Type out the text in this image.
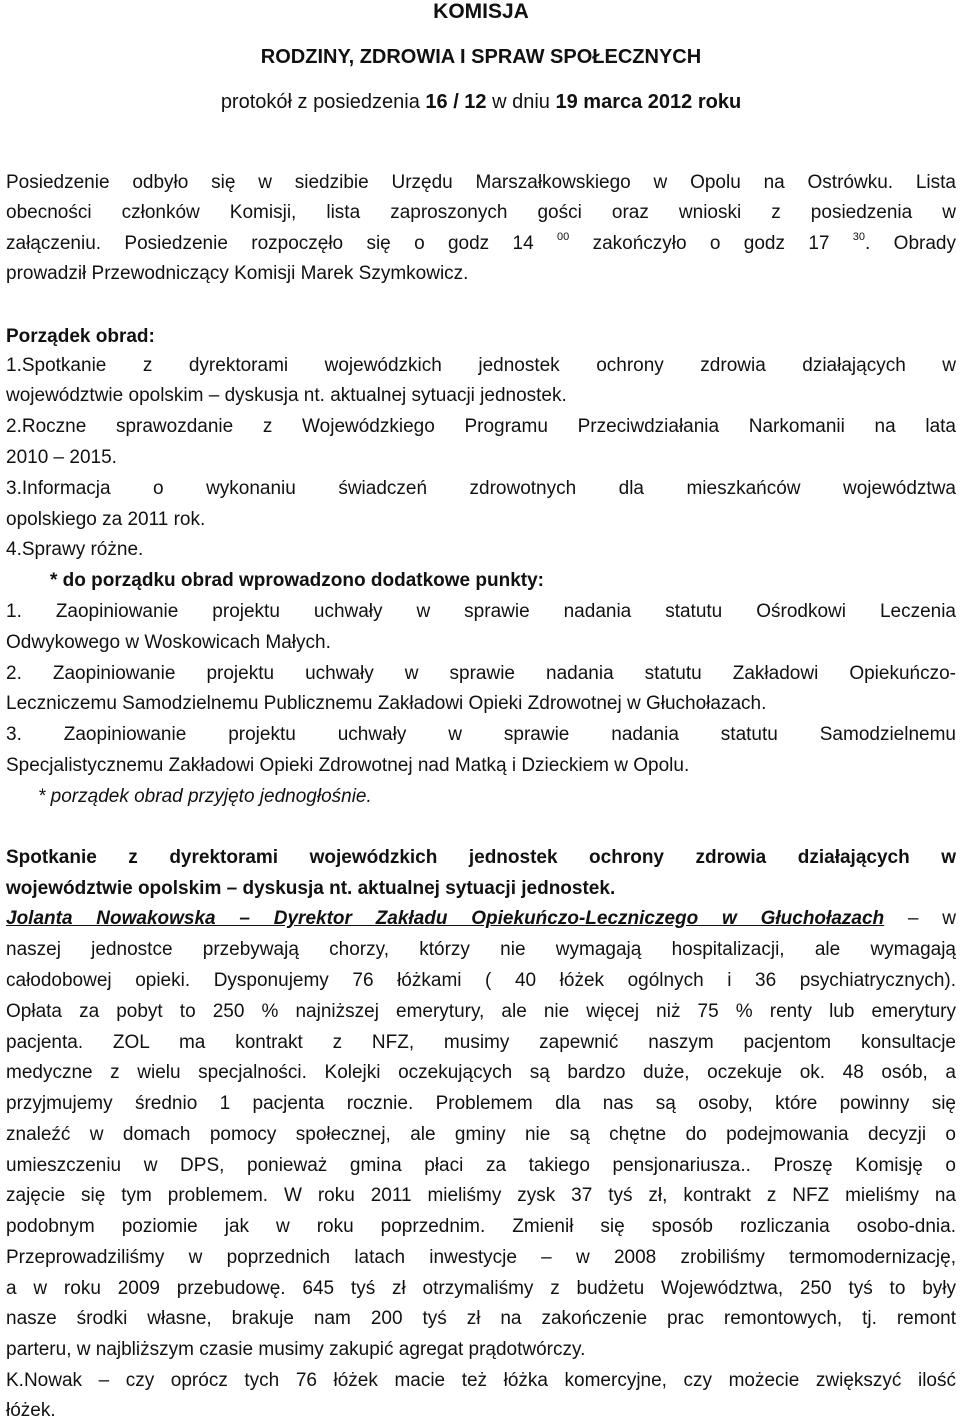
KOMISJA
RODZINY, ZDROWIA I SPRAW SPOŁECZNYCH
protokół z posiedzenia 16 / 12 w dniu 19 marca 2012 roku
Posiedzenie odbyło się w siedzibie Urzędu Marszałkowskiego w Opolu na Ostrówku. Lista
obecności członków Komisji, lista zaproszonych gości oraz wnioski z posiedzenia w
załączeniu. Posiedzenie rozpoczęło się o godz 14 $^{00}$ zakończyło o godz 17 $^{30}$. Obrady
prowadził Przewodniczący Komisji Marek Szymkowicz.
Porządek obrad:
1.Spotkanie z dyrektorami wojewódzkich jednostek ochrony zdrowia działających w
województwie opolskim – dyskusja nt. aktualnej sytuacji jednostek.
2.Roczne sprawozdanie z Wojewódzkiego Programu Przeciwdziałania Narkomanii na lata
2010 – 2015.
3.Informacja o wykonaniu świadczeń zdrowotnych dla mieszkańców województwa
opolskiego za 2011 rok.
4.Sprawy różne.
* do porządku obrad wprowadzono dodatkowe punkty:
1. Zaopiniowanie projektu uchwały w sprawie nadania statutu Ośrodkowi Leczenia
Odwykowego w Woskowicach Małych.
2. Zaopiniowanie projektu uchwały w sprawie nadania statutu Zakładowi Opiekuńczo-
Leczniczemu Samodzielnemu Publicznemu Zakładowi Opieki Zdrowotnej w Głuchołazach.
3. Zaopiniowanie projektu uchwały w sprawie nadania statutu Samodzielnemu
Specjalistycznemu Zakładowi Opieki Zdrowotnej nad Matką i Dzieckiem w Opolu.
* porządek obrad przyjęto jednogłośnie.
Spotkanie z dyrektorami wojewódzkich jednostek ochrony zdrowia działających w
województwie opolskim – dyskusja nt. aktualnej sytuacji jednostek.
Jolanta Nowakowska – Dyrektor Zakładu Opiekuńczo-Leczniczego w Głuchołazach – w
naszej jednostce przebywają chorzy, którzy nie wymagają hospitalizacji, ale wymagają
całodobowej opieki. Dysponujemy 76 łóżkami ( 40 łóżek ogólnych i 36 psychiatrycznych).
Opłata za pobyt to 250 % najniższej emerytury, ale nie więcej niż 75 % renty lub emerytury
pacjenta. ZOL ma kontrakt z NFZ, musimy zapewnić naszym pacjentom konsultacje
medyczne z wielu specjalności. Kolejki oczekujących są bardzo duże, oczekuje ok. 48 osób, a
przyjmujemy średnio 1 pacjenta rocznie. Problemem dla nas są osoby, które powinny się
znaleźć w domach pomocy społecznej, ale gminy nie są chętne do podejmowania decyzji o
umieszczeniu w DPS, ponieważ gmina płaci za takiego pensjonariusza.. Proszę Komisję o
zajęcie się tym problemem. W roku 2011 mieliśmy zysk 37 tyś zł, kontrakt z NFZ mieliśmy na
podobnym poziomie jak w roku poprzednim. Zmienił się sposób rozliczania osobo-dnia.
Przeprowadziliśmy w poprzednich latach inwestycje – w 2008 zrobiliśmy termomodernizację,
a w roku 2009 przebudowę. 645 tyś zł otrzymaliśmy z budżetu Województwa, 250 tyś to były
nasze środki własne, brakuje nam 200 tyś zł na zakończenie prac remontowych, tj. remont
parteru, w najbliższym czasie musimy zakupić agregat prądotwórczy.
K.Nowak – czy oprócz tych 76 łóżek macie też łóżka komercyjne, czy możecie zwiększyć ilość
łóżek.
